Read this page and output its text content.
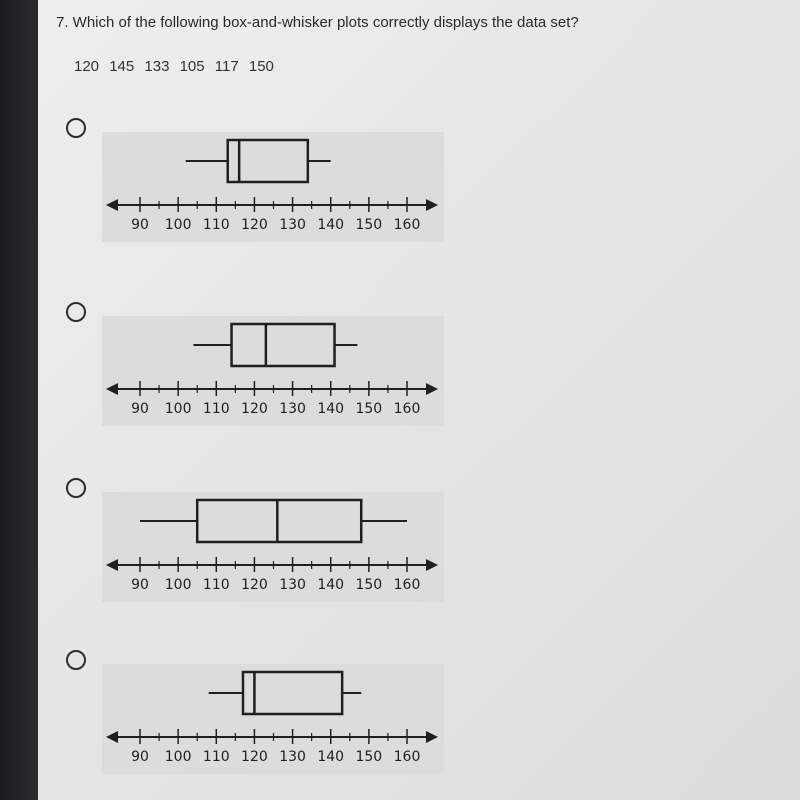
7. Which of the following box-and-whisker plots correctly displays the data set?
120 145 133 105 117 150
90 100 110 120 130 140 150 160
90 100 110 120 130 140 150 160
90 100 110 120 130 140 150 160
90 100 110 120 130 140 150 160
